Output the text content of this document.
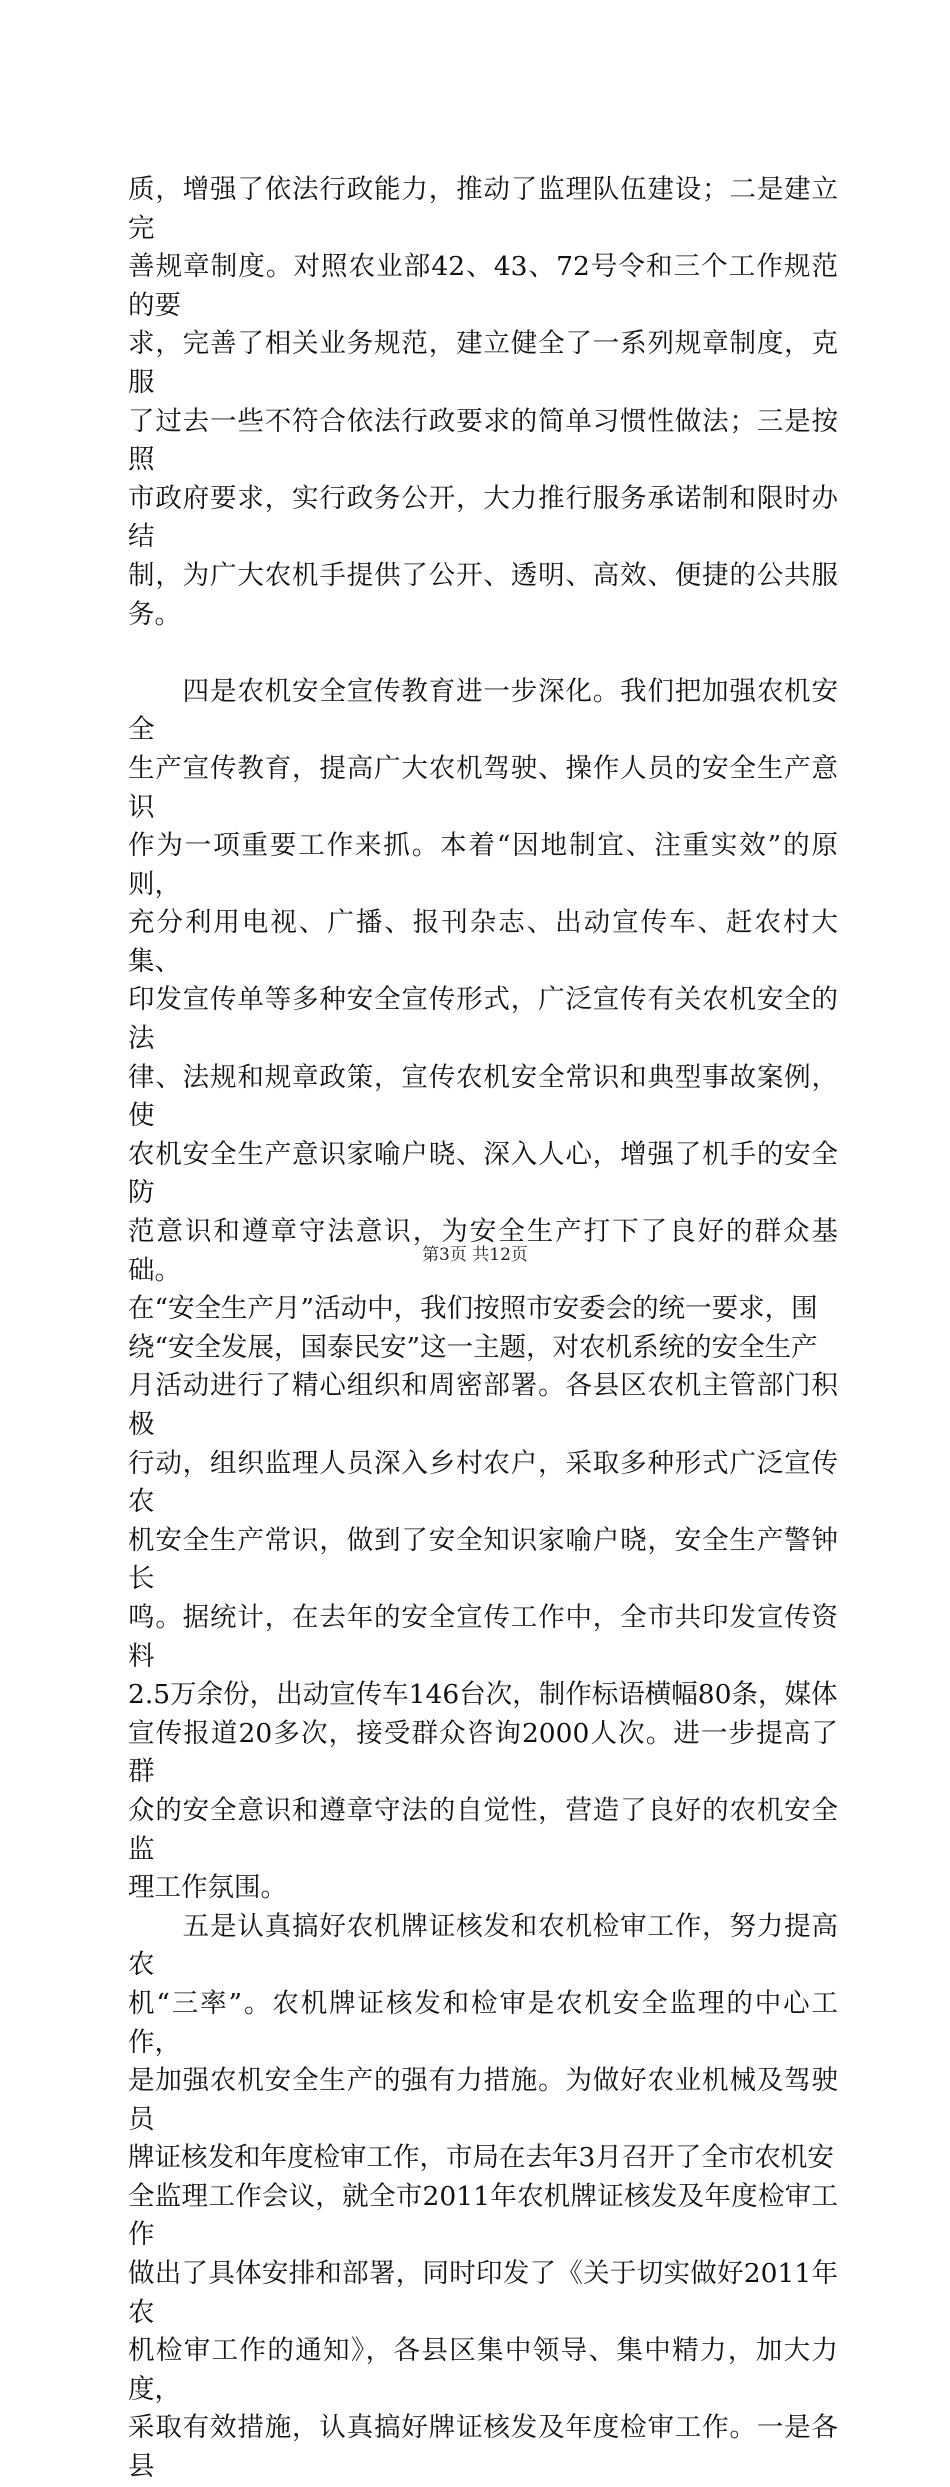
质，增强了依法行政能力，推动了监理队伍建设；二是建立完
善规章制度。对照农业部42、43、72号令和三个工作规范的要
求，完善了相关业务规范，建立健全了一系列规章制度，克服
了过去一些不符合依法行政要求的简单习惯性做法；三是按照
市政府要求，实行政务公开，大力推行服务承诺制和限时办结
制，为广大农机手提供了公开、透明、高效、便捷的公共服务。

　　四是农机安全宣传教育进一步深化。我们把加强农机安全
生产宣传教育，提高广大农机驾驶、操作人员的安全生产意识
作为一项重要工作来抓。本着“因地制宜、注重实效”的原则，
充分利用电视、广播、报刊杂志、出动宣传车、赶农村大集、
印发宣传单等多种安全宣传形式，广泛宣传有关农机安全的法
律、法规和规章政策，宣传农机安全常识和典型事故案例，使
农机安全生产意识家喻户晓、深入人心，增强了机手的安全防
范意识和遵章守法意识，为安全生产打下了良好的群众基础。
在“安全生产月”活动中，我们按照市安委会的统一要求，围
绕“安全发展，国泰民安”这一主题，对农机系统的安全生产
月活动进行了精心组织和周密部署。各县区农机主管部门积极
行动，组织监理人员深入乡村农户，采取多种形式广泛宣传农
机安全生产常识，做到了安全知识家喻户晓，安全生产警钟长
鸣。据统计，在去年的安全宣传工作中，全市共印发宣传资料
2.5万余份，出动宣传车146台次，制作标语横幅80条，媒体
宣传报道20多次，接受群众咨询2000人次。进一步提高了群
众的安全意识和遵章守法的自觉性，营造了良好的农机安全监
理工作氛围。

　　五是认真搞好农机牌证核发和农机检审工作，努力提高农
机“三率”。农机牌证核发和检审是农机安全监理的中心工作，
是加强农机安全生产的强有力措施。为做好农业机械及驾驶员
牌证核发和年度检审工作，市局在去年3月召开了全市农机安
全监理工作会议，就全市2011年农机牌证核发及年度检审工作
做出了具体安排和部署，同时印发了《关于切实做好2011年农
机检审工作的通知》，各县区集中领导、集中精力，加大力度，
采取有效措施，认真搞好牌证核发及年度检审工作。一是各县

第3页 共12页
